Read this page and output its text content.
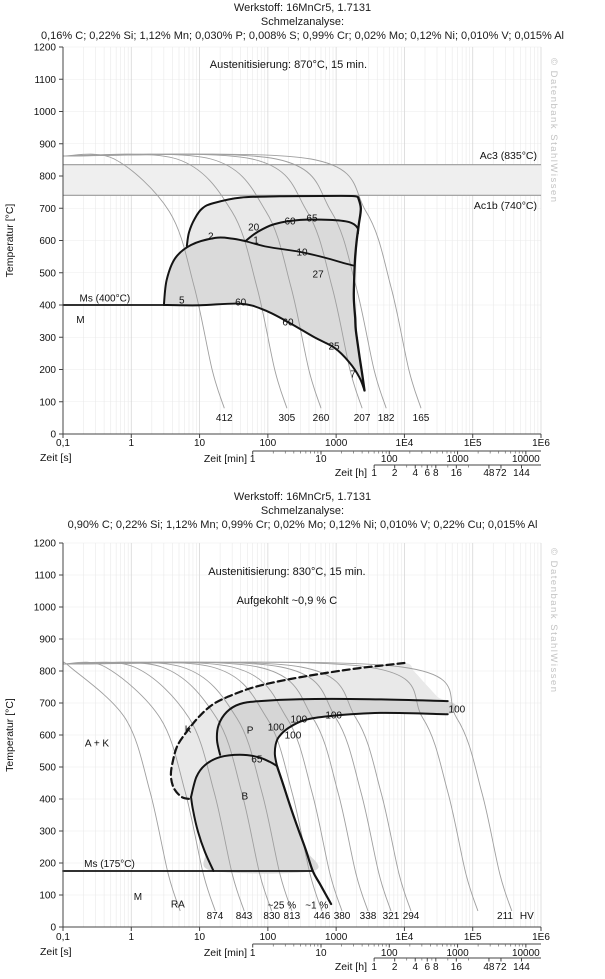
Werkstoff: 16MnCr5, 1.7131
Schmelzanalyse:
0,16% C; 0,22% Si; 1,12% Mn; 0,030% P; 0,008% S; 0,99% Cr; 0,02% Mo; 0,12% Ni; 0,010% V; 0,015% Al
Werkstoff: 16MnCr5, 1.7131
Schmelzanalyse:
0,90% C; 0,22% Si; 1,12% Mn; 0,99% Cr; 0,02% Mo; 0,12% Ni; 0,010% V; 0,22% Cu; 0,015% Al
Ac3 (835°C)
Ac1b (740°C)
0
100
200
300
400
500
600
700
800
900
1000
1100
1200
0,1	1	10	100	1000	1E4	1E5	1E6
1	10	100	1000	10000
1 2 4 6 8 16 48 72 144
Zeit [s]	Zeit [min]
Zeit [h]
Temperatur [°C]
Ms (400°C)
M
2
20
1
60 65
10
27
5	60
60
25
7
412	305 260 207 182 165
Austenitisierung: 870°C, 15 min.	© Datenbank StahlWissen
0
100
200
300
400
500
600
700
800
900
1000
1100
1200
0,1	1	10	100	1000	1E4	1E5	1E6
1	10	100	1000	10000
1 2 4 6 8 16 48 72 144
Zeit [s]	Zeit [min]
Zeit [h]
Temperatur [°C]	A + K
K	P 100
100 100
100
100
65
B
Ms (175°C)
M
RA	~25 % ~1 %
874 843 830 813 446 380 338 321 294	211 HV
Austenitisierung: 830°C, 15 min.
Aufgekohlt ~0,9 % C	© Datenbank StahlWissen
